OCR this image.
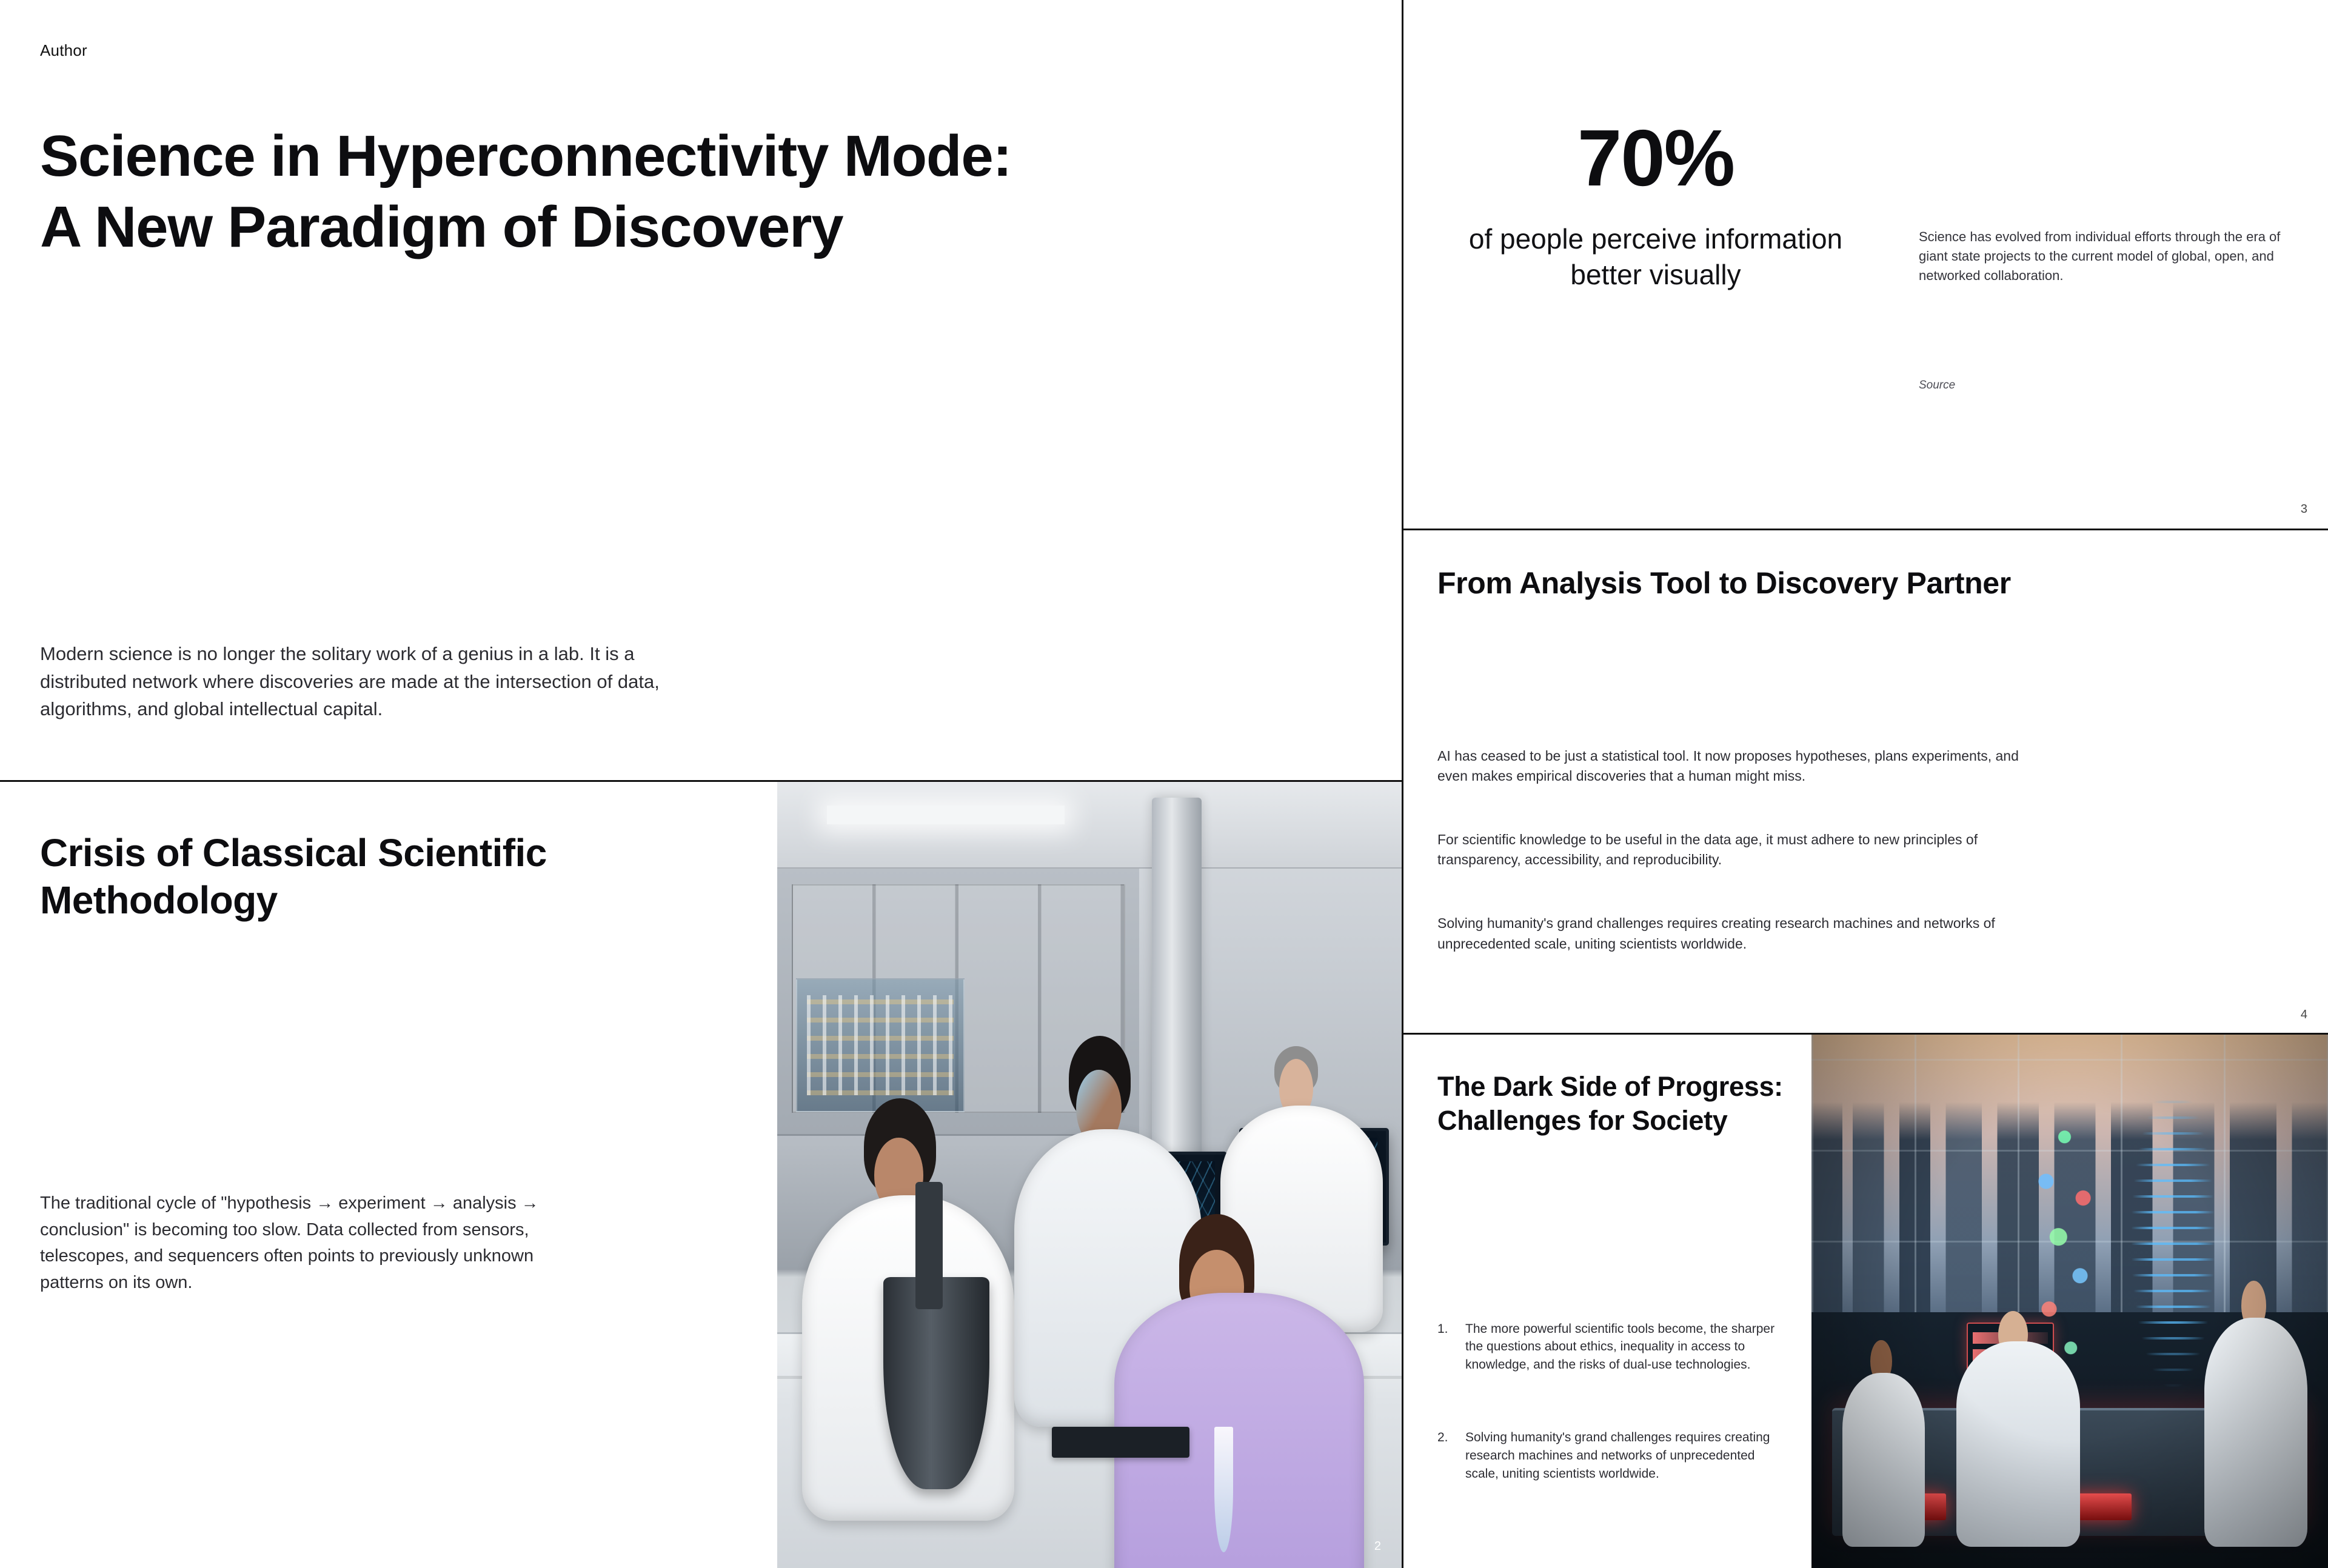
Author
Science in Hyperconnectivity Mode: A New Paradigm of Discovery

Modern science is no longer the solitary work of a genius in a lab. It is a distributed network where discoveries are made at the intersection of data, algorithms, and global intellectual capital.

Crisis of Classical Scientific Methodology

The traditional cycle of "hypothesis → experiment → analysis → conclusion" is becoming too slow. Data collected from sensors, telescopes, and sequencers often points to previously unknown patterns on its own.

2
70%
of people perceive information better visually

Science has evolved from individual efforts through the era of giant state projects to the current model of global, open, and networked collaboration.

Source
3
From Analysis Tool to Discovery Partner

AI has ceased to be just a statistical tool. It now proposes hypotheses, plans experiments, and even makes empirical discoveries that a human might miss.

For scientific knowledge to be useful in the data age, it must adhere to new principles of transparency, accessibility, and reproducibility.

Solving humanity's grand challenges requires creating research machines and networks of unprecedented scale, uniting scientists worldwide.

4
The Dark Side of Progress: Challenges for Society
1. The more powerful scientific tools become, the sharper the questions about ethics, inequality in access to knowledge, and the risks of dual-use technologies.
2. Solving humanity's grand challenges requires creating research machines and networks of unprecedented scale, uniting scientists worldwide.
